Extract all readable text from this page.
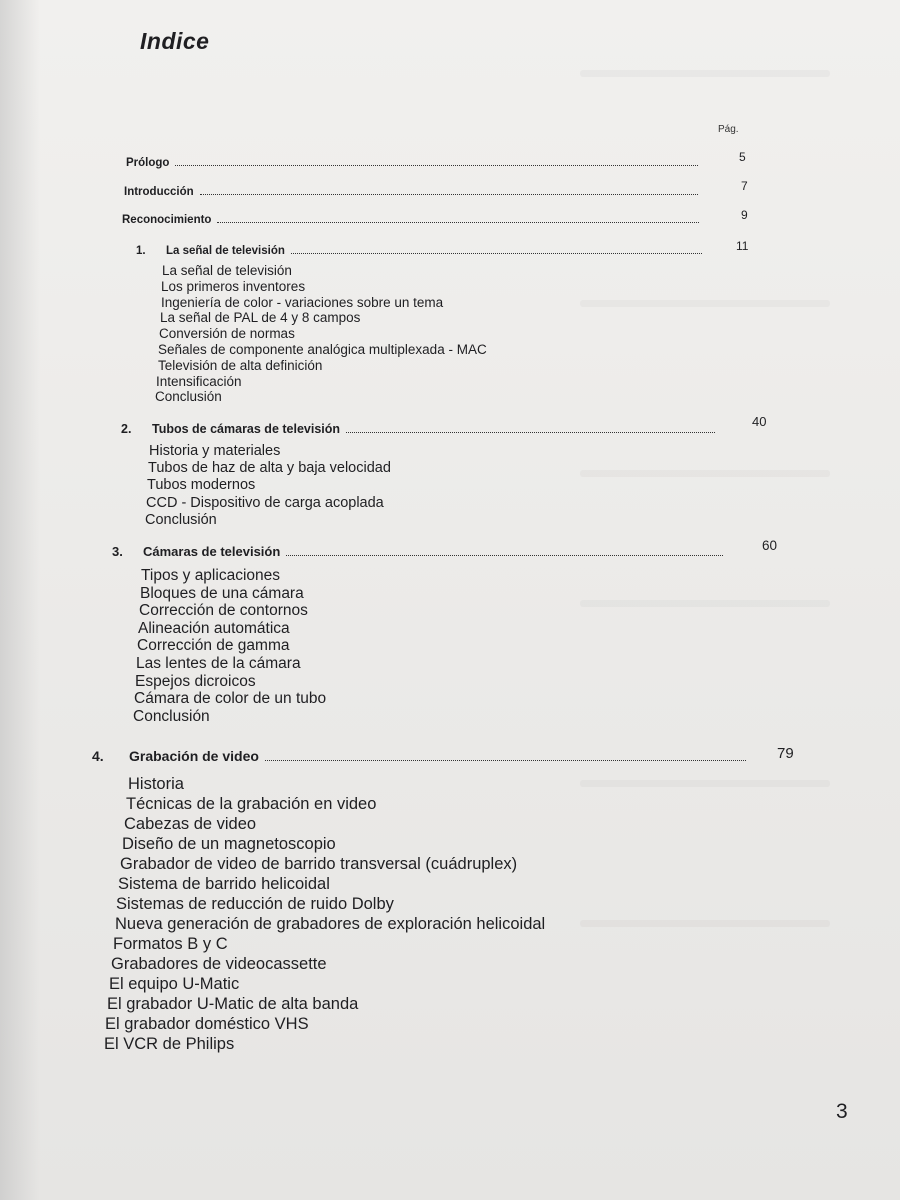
Indice
Pág.
Prólogo	5
Introducción	7
Reconocimiento	9
1.	La señal de televisión	11
La señal de televisión
Los primeros inventores
Ingeniería de color - variaciones sobre un tema
La señal de PAL de 4 y 8 campos
Conversión de normas
Señales de componente analógica multiplexada - MAC
Televisión de alta definición
Intensificación
Conclusión
2.	Tubos de cámaras de televisión	40
Historia y materiales
Tubos de haz de alta y baja velocidad
Tubos modernos
CCD - Dispositivo de carga acoplada
Conclusión
3.	Cámaras de televisión	60
Tipos y aplicaciones
Bloques de una cámara
Corrección de contornos
Alineación automática
Corrección de gamma
Las lentes de la cámara
Espejos dicroicos
Cámara de color de un tubo
Conclusión
4.	Grabación de video	79
Historia
Técnicas de la grabación en video
Cabezas de video
Diseño de un magnetoscopio
Grabador de video de barrido transversal (cuádruplex)
Sistema de barrido helicoidal
Sistemas de reducción de ruido Dolby
Nueva generación de grabadores de exploración helicoidal
Formatos B y C
Grabadores de videocassette
El equipo U-Matic
El grabador U-Matic de alta banda
El grabador doméstico VHS
El VCR de Philips
3
